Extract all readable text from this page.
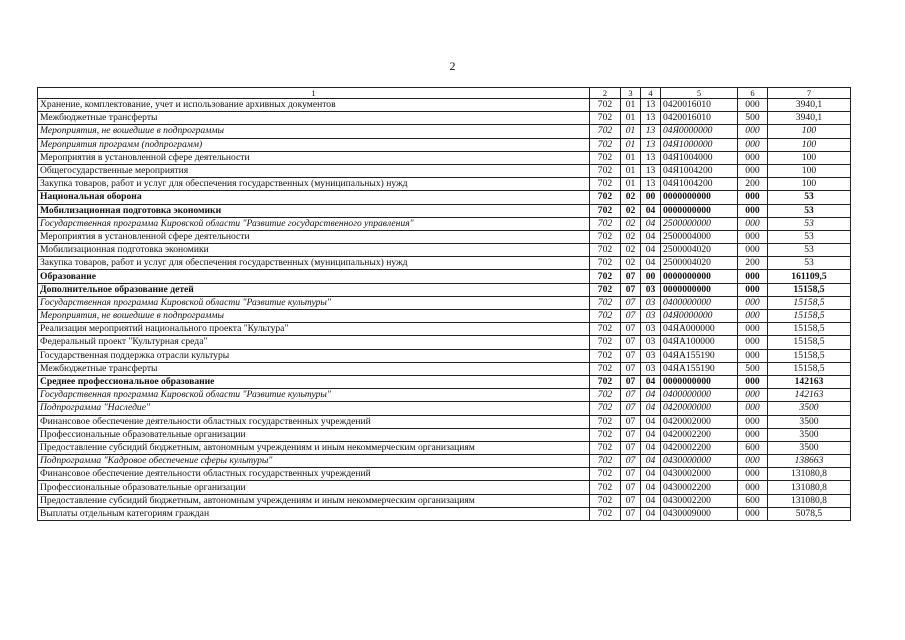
2
1	2	3	4	5	6	7
Хранение, комплектование, учет и использование архивных документов	702	01	13	0420016010	000	3940,1
Межбюджетные трансферты	702	01	13	0420016010	500	3940,1
Мероприятия, не вошедшие в подпрограммы	702	01	13	04Я0000000	000	100
Мероприятия программ (подпрограмм)	702	01	13	04Я1000000	000	100
Мероприятия в установленной сфере деятельности	702	01	13	04Я1004000	000	100
Общегосударственные мероприятия	702	01	13	04Я1004200	000	100
Закупка товаров, работ и услуг для обеспечения государственных (муниципальных) нужд	702	01	13	04Я1004200	200	100
Национальная оборона	702	02	00	0000000000	000	53
Мобилизационная подготовка экономики	702	02	04	0000000000	000	53
Государственная программа Кировской области "Развитие государственного управления"	702	02	04	2500000000	000	53
Мероприятия в установленной сфере деятельности	702	02	04	2500004000	000	53
Мобилизационная подготовка экономики	702	02	04	2500004020	000	53
Закупка товаров, работ и услуг для обеспечения государственных (муниципальных) нужд	702	02	04	2500004020	200	53
Образование	702	07	00	0000000000	000	161109,5
Дополнительное образование детей	702	07	03	0000000000	000	15158,5
Государственная программа Кировской области "Развитие культуры"	702	07	03	0400000000	000	15158,5
Мероприятия, не вошедшие в подпрограммы	702	07	03	04Я0000000	000	15158,5
Реализация мероприятий национального проекта "Культура"	702	07	03	04ЯА000000	000	15158,5
Федеральный проект "Культурная среда"	702	07	03	04ЯА100000	000	15158,5
Государственная поддержка отрасли культуры	702	07	03	04ЯА155190	000	15158,5
Межбюджетные трансферты	702	07	03	04ЯА155190	500	15158,5
Среднее профессиональное образование	702	07	04	0000000000	000	142163
Государственная программа Кировской области "Развитие культуры"	702	07	04	0400000000	000	142163
Подпрограмма "Наследие"	702	07	04	0420000000	000	3500
Финансовое обеспечение деятельности областных государственных учреждений	702	07	04	0420002000	000	3500
Профессиональные образовательные организации	702	07	04	0420002200	000	3500
Предоставление субсидий бюджетным, автономным учреждениям и иным некоммерческим организациям	702	07	04	0420002200	600	3500
Подпрограмма "Кадровое обеспечение сферы культуры"	702	07	04	0430000000	000	138663
Финансовое обеспечение деятельности областных государственных учреждений	702	07	04	0430002000	000	131080,8
Профессиональные образовательные организации	702	07	04	0430002200	000	131080,8
Предоставление субсидий бюджетным, автономным учреждениям и иным некоммерческим организациям	702	07	04	0430002200	600	131080,8
Выплаты отдельным категориям граждан	702	07	04	0430009000	000	5078,5
